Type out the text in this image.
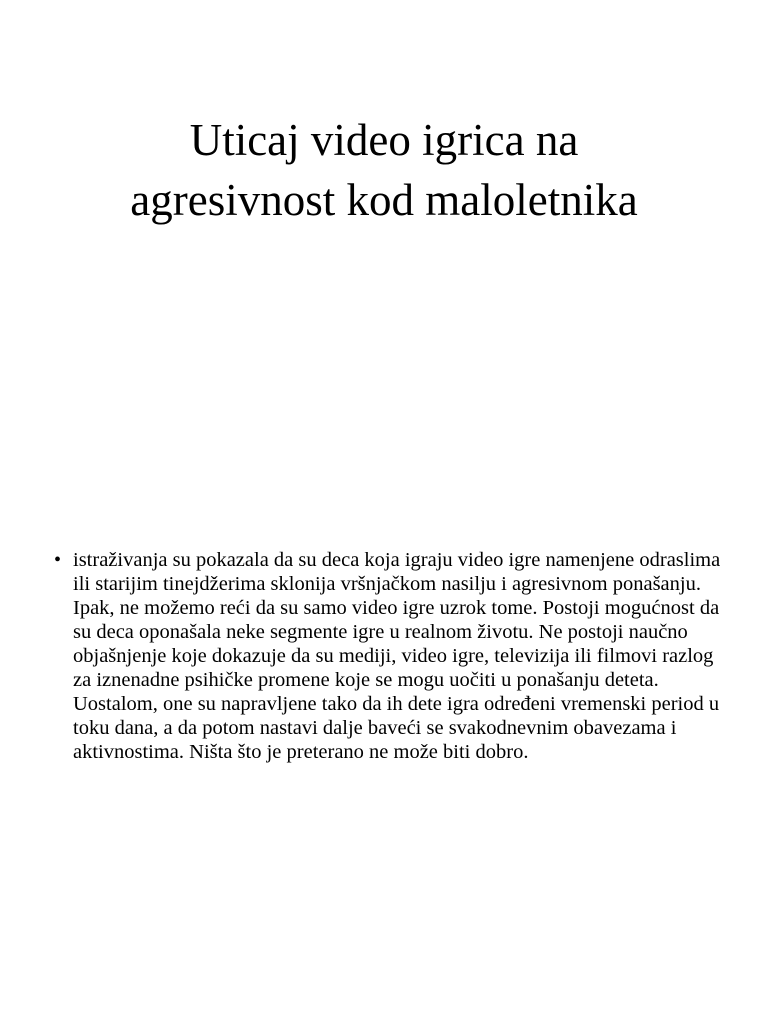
Uticaj video igrica na
agresivnost kod maloletnika
• istraživanja su pokazala da su deca koja igraju video igre namenjene odraslima ili starijim tinejdžerima sklonija vršnjačkom nasilju i agresivnom ponašanju. Ipak, ne možemo reći da su samo video igre uzrok tome. Postoji mogućnost da su deca oponašala neke segmente igre u realnom životu. Ne postoji naučno objašnjenje koje dokazuje da su mediji, video igre, televizija ili filmovi razlog za iznenadne psihičke promene koje se mogu uočiti u ponašanju deteta. Uostalom, one su napravljene tako da ih dete igra određeni vremenski period u toku dana, a da potom nastavi dalje baveći se svakodnevnim obavezama i aktivnostima. Ništa što je preterano ne može biti dobro.
